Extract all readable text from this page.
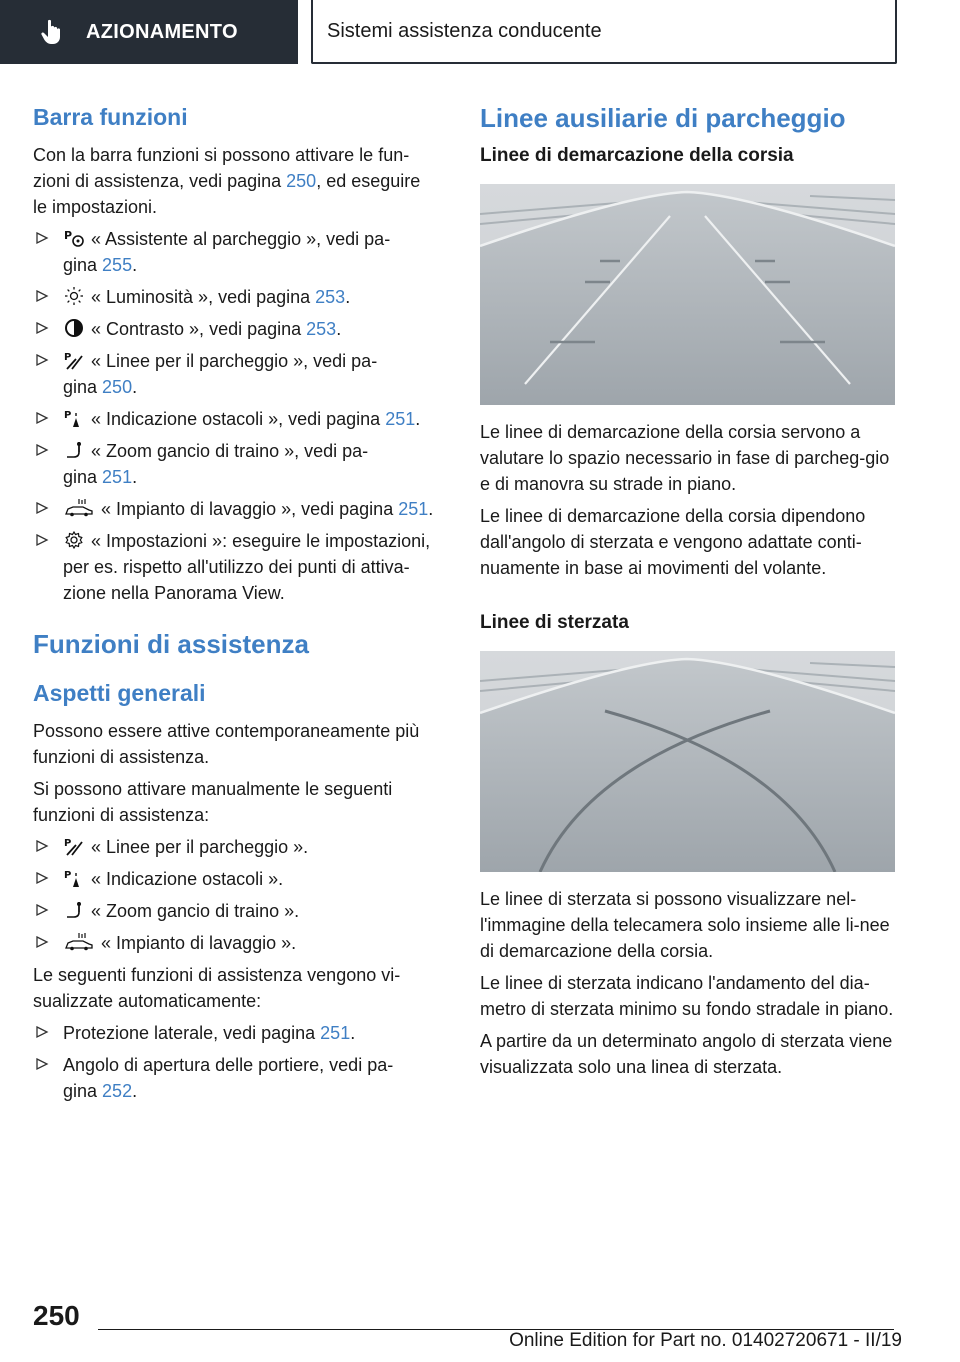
AZIONAMENTO	Sistemi assistenza conducente
Barra funzioni

Con la barra funzioni si possono attivare le fun-
zioni di assistenza, vedi pagina 250, ed eseguire
le impostazioni.

P « Assistente al parcheggio », vedi pa-
gina 255.
« Luminosità », vedi pagina 253.
« Contrasto », vedi pagina 253.
P « Linee per il parcheggio », vedi pa-
gina 250.
P « Indicazione ostacoli », vedi pagina 251.
« Zoom gancio di traino », vedi pa-
gina 251.
« Impianto di lavaggio », vedi pagina 251.
« Impostazioni »: eseguire le impostazioni, per es. rispetto all'utilizzo dei punti di attiva-zione nella Panorama View.
Funzioni di assistenza
Aspetti generali

Possono essere attive contemporaneamente più funzioni di assistenza.

Si possono attivare manualmente le seguenti funzioni di assistenza:

P « Linee per il parcheggio ».
P « Indicazione ostacoli ».
« Zoom gancio di traino ».
« Impianto di lavaggio ».

Le seguenti funzioni di assistenza vengono vi-sualizzate automaticamente:

Protezione laterale, vedi pagina 251.
Angolo di apertura delle portiere, vedi pa-
gina 252.
Linee ausiliarie di parcheggio
Linee di demarcazione della corsia

Le linee di demarcazione della corsia servono a valutare lo spazio necessario in fase di parcheg-gio e di manovra su strade in piano.

Le linee di demarcazione della corsia dipendono dall'angolo di sterzata e vengono adattate conti-nuamente in base ai movimenti del volante.

Linee di sterzata

Le linee di sterzata si possono visualizzare nel-l'immagine della telecamera solo insieme alle li-nee di demarcazione della corsia.

Le linee di sterzata indicano l'andamento del dia-metro di sterzata minimo su fondo stradale in piano.

A partire da un determinato angolo di sterzata viene visualizzata solo una linea di sterzata.

250
Online Edition for Part no. 01402720671 - II/19
